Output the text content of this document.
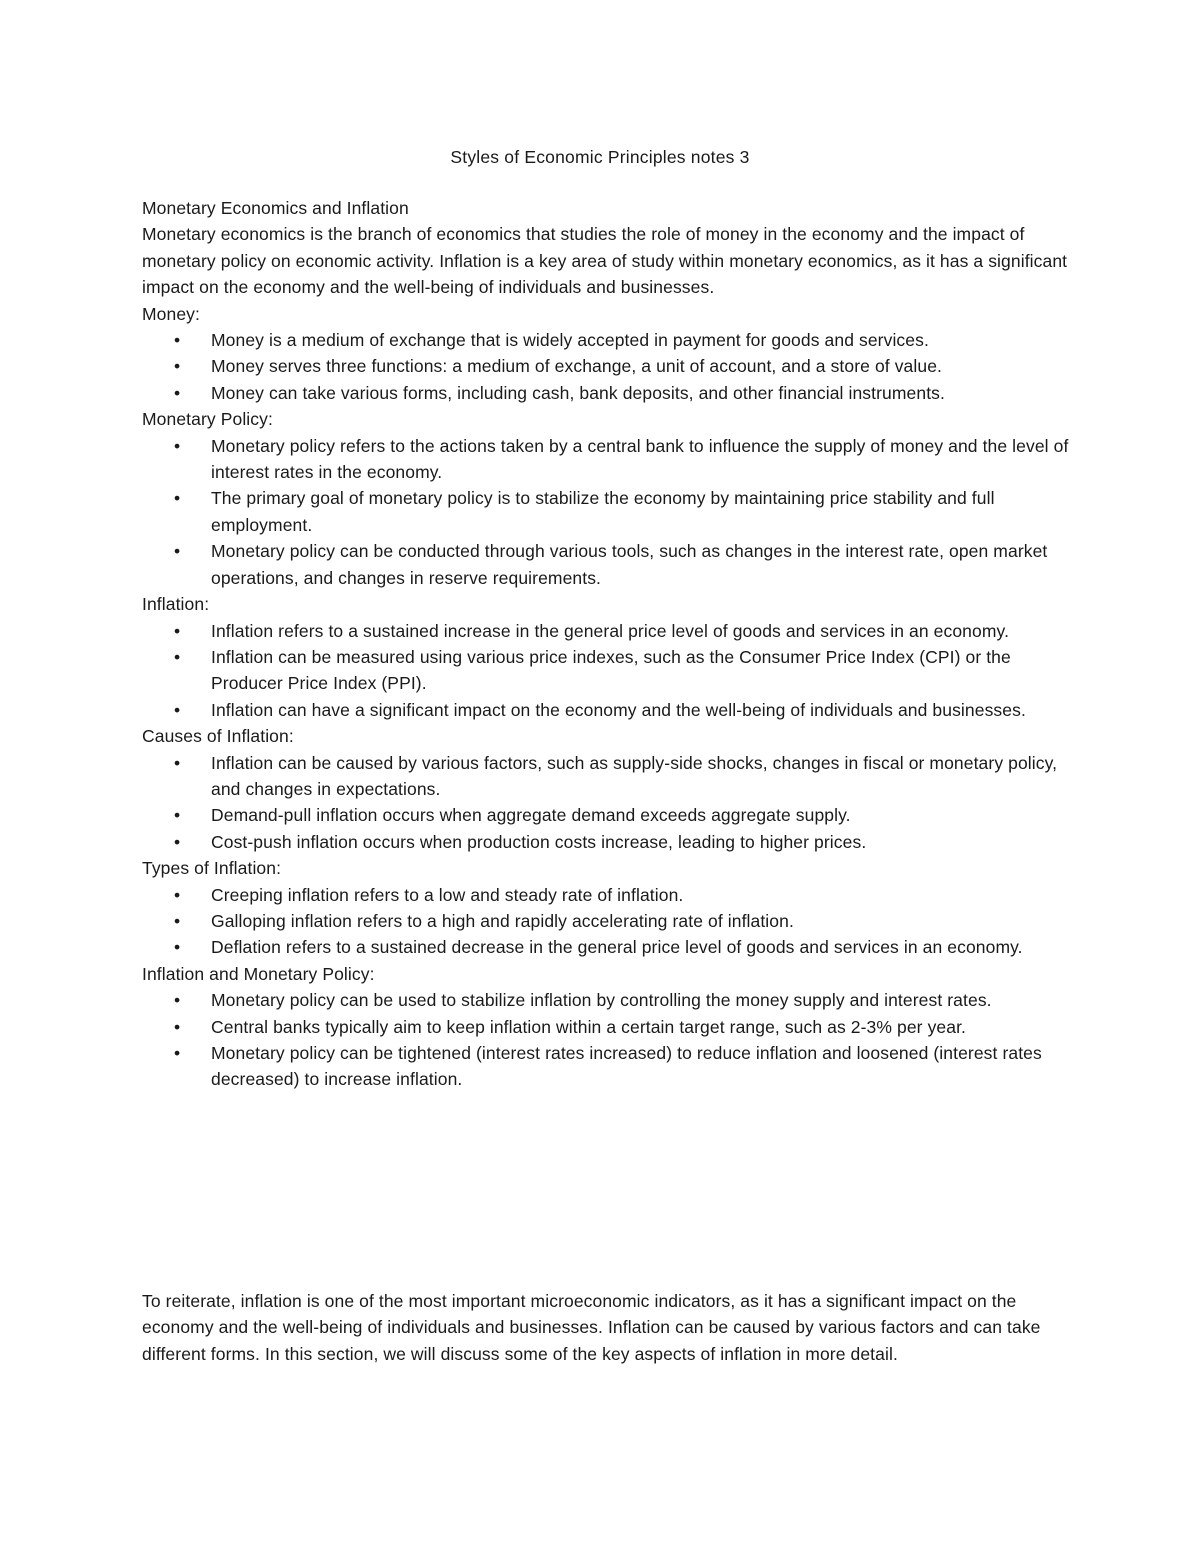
Styles of Economic Principles notes 3

Monetary Economics and Inflation

Monetary economics is the branch of economics that studies the role of money in the economy and the impact of monetary policy on economic activity. Inflation is a key area of study within monetary economics, as it has a significant impact on the economy and the well-being of individuals and businesses.

Money:

• Money is a medium of exchange that is widely accepted in payment for goods and services.
• Money serves three functions: a medium of exchange, a unit of account, and a store of value.
• Money can take various forms, including cash, bank deposits, and other financial instruments.

Monetary Policy:

• Monetary policy refers to the actions taken by a central bank to influence the supply of money and the level of interest rates in the economy.
• The primary goal of monetary policy is to stabilize the economy by maintaining price stability and full employment.
• Monetary policy can be conducted through various tools, such as changes in the interest rate, open market operations, and changes in reserve requirements.

Inflation:

• Inflation refers to a sustained increase in the general price level of goods and services in an economy.
• Inflation can be measured using various price indexes, such as the Consumer Price Index (CPI) or the Producer Price Index (PPI).
• Inflation can have a significant impact on the economy and the well-being of individuals and businesses.

Causes of Inflation:

• Inflation can be caused by various factors, such as supply-side shocks, changes in fiscal or monetary policy, and changes in expectations.
• Demand-pull inflation occurs when aggregate demand exceeds aggregate supply.
• Cost-push inflation occurs when production costs increase, leading to higher prices.

Types of Inflation:

• Creeping inflation refers to a low and steady rate of inflation.
• Galloping inflation refers to a high and rapidly accelerating rate of inflation.
• Deflation refers to a sustained decrease in the general price level of goods and services in an economy.

Inflation and Monetary Policy:

• Monetary policy can be used to stabilize inflation by controlling the money supply and interest rates.
• Central banks typically aim to keep inflation within a certain target range, such as 2-3% per year.
• Monetary policy can be tightened (interest rates increased) to reduce inflation and loosened (interest rates decreased) to increase inflation.

To reiterate, inflation is one of the most important microeconomic indicators, as it has a significant impact on the economy and the well-being of individuals and businesses. Inflation can be caused by various factors and can take different forms. In this section, we will discuss some of the key aspects of inflation in more detail.
